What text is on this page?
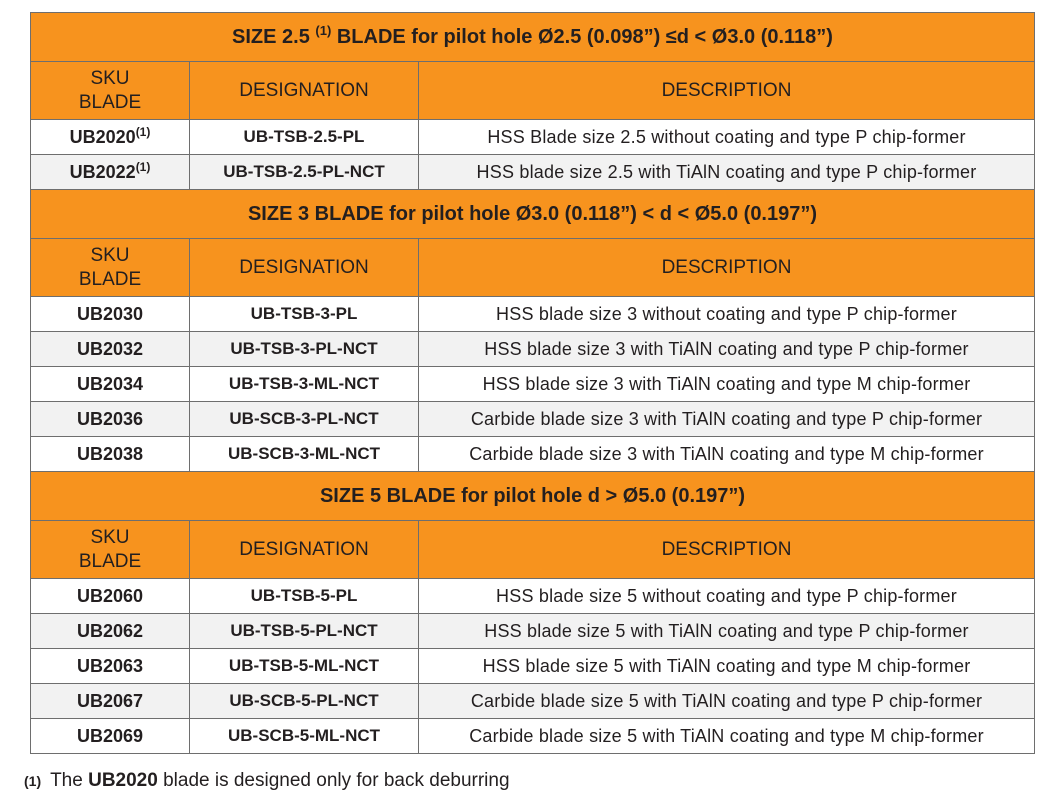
SIZE 2.5 $^{(1)}$ BLADE for pilot hole Ø2.5 (0.098”) ≤d < Ø3.0 (0.118”)		
SKU
BLADE	DESIGNATION	DESCRIPTION
UB2020$^{(1)}$	UB-TSB-2.5-PL	HSS Blade size 2.5 without coating and type P chip-former
UB2022$^{(1)}$	UB-TSB-2.5-PL-NCT	HSS blade size 2.5 with TiAlN coating and type P chip-former
SIZE 3 BLADE for pilot hole Ø3.0 (0.118”) < d < Ø5.0 (0.197”)		
SKU
BLADE	DESIGNATION	DESCRIPTION
UB2030	UB-TSB-3-PL	HSS blade size 3 without coating and type P chip-former
UB2032	UB-TSB-3-PL-NCT	HSS blade size 3 with TiAlN coating and type P chip-former
UB2034	UB-TSB-3-ML-NCT	HSS blade size 3 with TiAlN coating and type M chip-former
UB2036	UB-SCB-3-PL-NCT	Carbide blade size 3 with TiAlN coating and type P chip-former
UB2038	UB-SCB-3-ML-NCT	Carbide blade size 3 with TiAlN coating and type M chip-former
SIZE 5 BLADE for pilot hole d > Ø5.0 (0.197”)		
SKU
BLADE	DESIGNATION	DESCRIPTION
UB2060	UB-TSB-5-PL	HSS blade size 5 without coating and type P chip-former
UB2062	UB-TSB-5-PL-NCT	HSS blade size 5 with TiAlN coating and type P chip-former
UB2063	UB-TSB-5-ML-NCT	HSS blade size 5 with TiAlN coating and type M chip-former
UB2067	UB-SCB-5-PL-NCT	Carbide blade size 5 with TiAlN coating and type P chip-former
UB2069	UB-SCB-5-ML-NCT	Carbide blade size 5 with TiAlN coating and type M chip-former
(1) The UB2020 blade is designed only for back deburring
